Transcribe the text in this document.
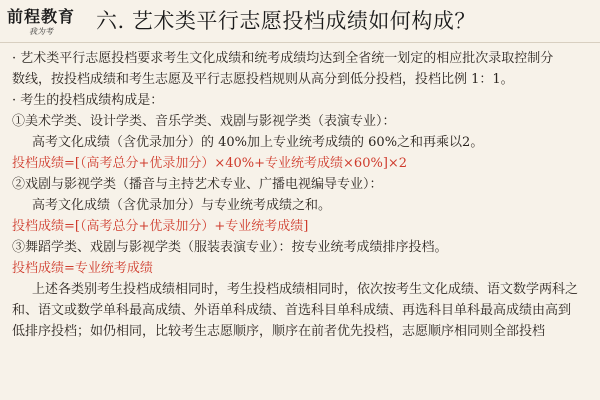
前程教育
我为考	六. 艺术类平行志愿投档成绩如何构成？
· 艺术类平行志愿投档要求考生文化成绩和统考成绩均达到全省统一划定的相应批次录取控制分
数线，按投档成绩和考生志愿及平行志愿投档规则从高分到低分投档，投档比例 1：1。
· 考生的投档成绩构成是：
①美术学类、设计学类、音乐学类、戏剧与影视学类（表演专业）：
高考文化成绩（含优录加分）的 40%加上专业统考成绩的 60%之和再乘以2。
投档成绩=[（高考总分+优录加分）×40%+专业统考成绩×60%]×2
②戏剧与影视学类（播音与主持艺术专业、广播电视编导专业）：
高考文化成绩（含优录加分）与专业统考成绩之和。
投档成绩=[（高考总分+优录加分）+专业统考成绩]
③舞蹈学类、戏剧与影视学类（服装表演专业）：按专业统考成绩排序投档。
投档成绩=专业统考成绩
上述各类别考生投档成绩相同时，考生投档成绩相同时，依次按考生文化成绩、语文数学两科之
和、语文或数学单科最高成绩、外语单科成绩、首选科目单科成绩、再选科目单科最高成绩由高到
低排序投档；如仍相同，比较考生志愿顺序，顺序在前者优先投档，志愿顺序相同则全部投档
